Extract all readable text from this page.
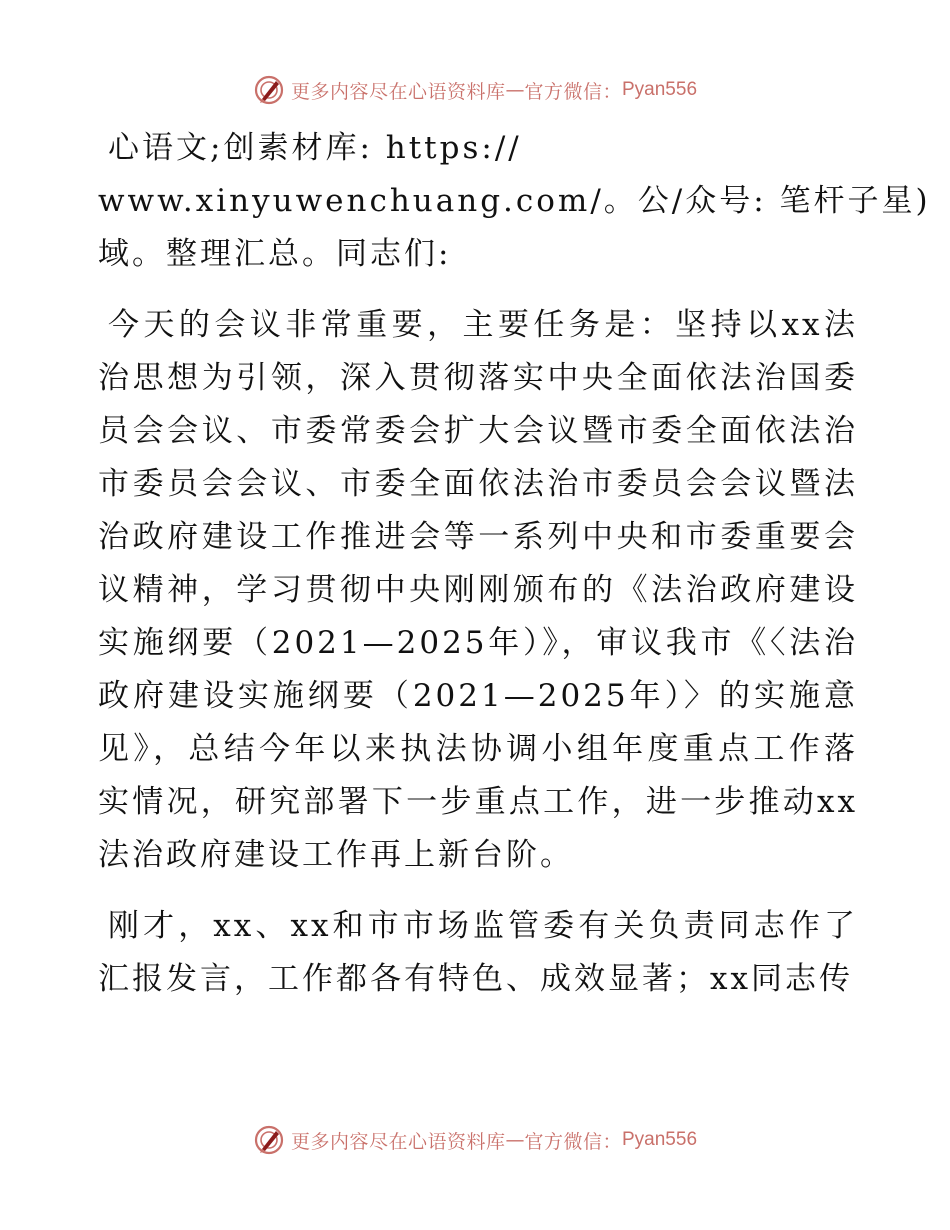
更多内容尽在心语资料库 — 官方微信： Pyan556

心语文;创素材库: https://
www.xinyuwenchuang.com/。公/众号: 笔杆子星)
域。整理汇总。同志们:

今天的会议非常重要，主要任务是：坚持以xx法治思想为引领，深入贯彻落实中央全面依法治国委员会会议、市委常委会扩大会议暨市委全面依法治市委员会会议、市委全面依法治市委员会会议暨法治政府建设工作推进会等一系列中央和市委重要会议精神，学习贯彻中央刚刚颁布的《法治政府建设实施纲要（2021—2025年）》，审议我市《〈法治政府建设实施纲要（2021—2025年）〉的实施意见》，总结今年以来执法协调小组年度重点工作落实情况，研究部署下一步重点工作，进一步推动xx法治政府建设工作再上新台阶。

刚才，xx、xx和市市场监管委有关负责同志作了汇报发言，工作都各有特色、成效显著；xx同志传

更多内容尽在心语资料库 — 官方微信： Pyan556
